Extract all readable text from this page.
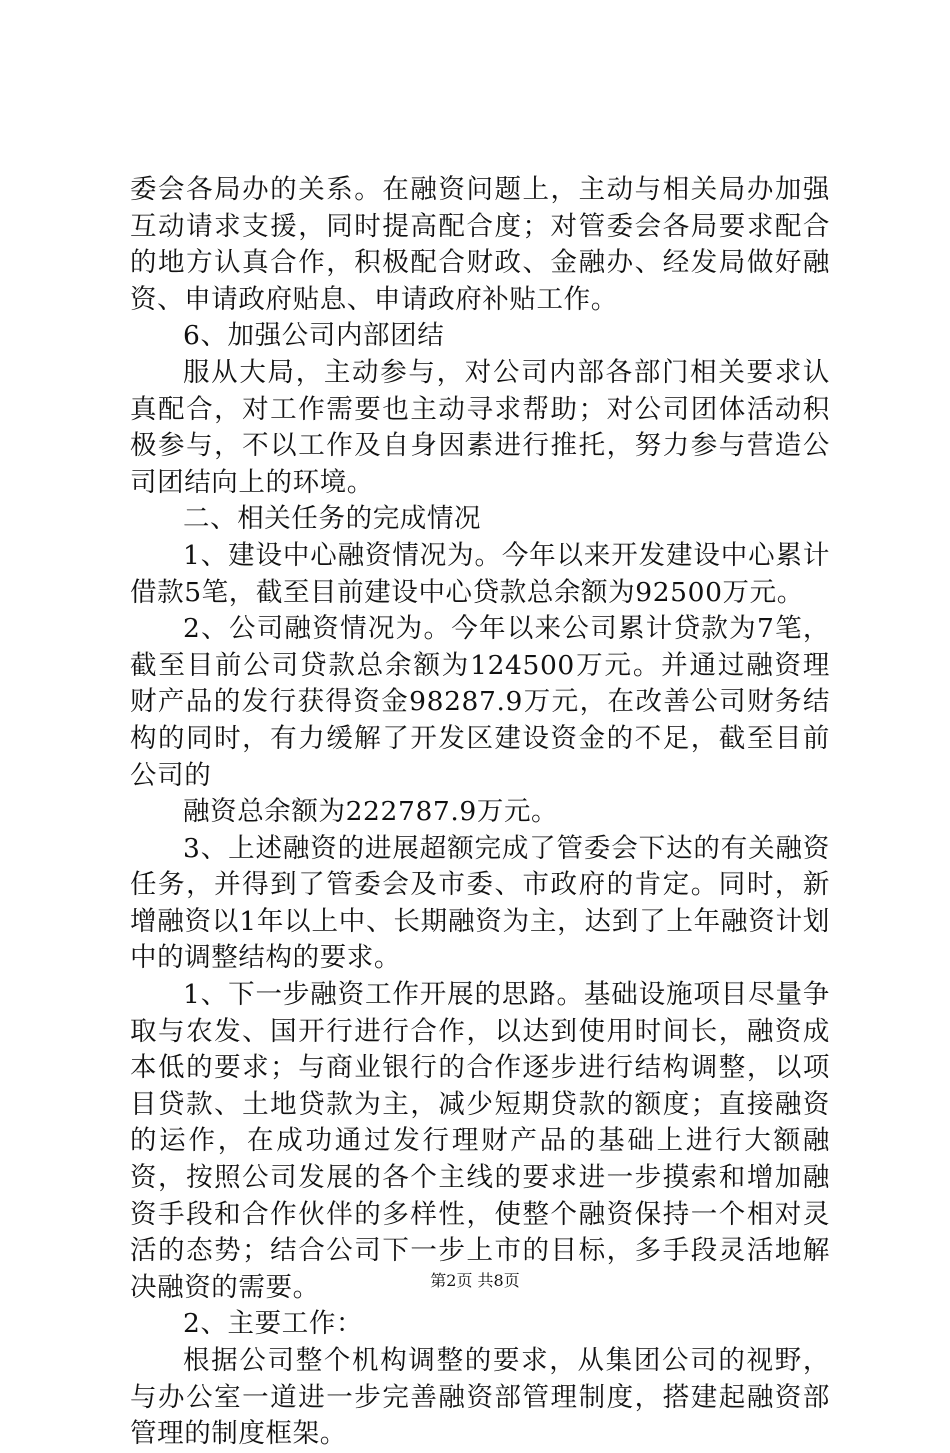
委会各局办的关系。在融资问题上，主动与相关局办加强互动请求支援，同时提高配合度；对管委会各局要求配合的地方认真合作，积极配合财政、金融办、经发局做好融资、申请政府贴息、申请政府补贴工作。

6、加强公司内部团结

服从大局，主动参与，对公司内部各部门相关要求认真配合，对工作需要也主动寻求帮助；对公司团体活动积极参与，不以工作及自身因素进行推托，努力参与营造公司团结向上的环境。

二、相关任务的完成情况

1、建设中心融资情况为。今年以来开发建设中心累计借款5笔，截至目前建设中心贷款总余额为92500万元。

2、公司融资情况为。今年以来公司累计贷款为7笔，截至目前公司贷款总余额为124500万元。并通过融资理财产品的发行获得资金98287.9万元，在改善公司财务结构的同时，有力缓解了开发区建设资金的不足，截至目前公司的

融资总余额为222787.9万元。

3、上述融资的进展超额完成了管委会下达的有关融资任务，并得到了管委会及市委、市政府的肯定。同时，新增融资以1年以上中、长期融资为主，达到了上年融资计划中的调整结构的要求。

1、下一步融资工作开展的思路。基础设施项目尽量争取与农发、国开行进行合作，以达到使用时间长，融资成本低的要求；与商业银行的合作逐步进行结构调整，以项目贷款、土地贷款为主，减少短期贷款的额度；直接融资的运作，在成功通过发行理财产品的基础上进行大额融资，按照公司发展的各个主线的要求进一步摸索和增加融资手段和合作伙伴的多样性，使整个融资保持一个相对灵活的态势；结合公司下一步上市的目标，多手段灵活地解决融资的需要。

2、主要工作：

根据公司整个机构调整的要求，从集团公司的视野，与办公室一道进一步完善融资部管理制度，搭建起融资部管理的制度框架。

第2页 共8页
